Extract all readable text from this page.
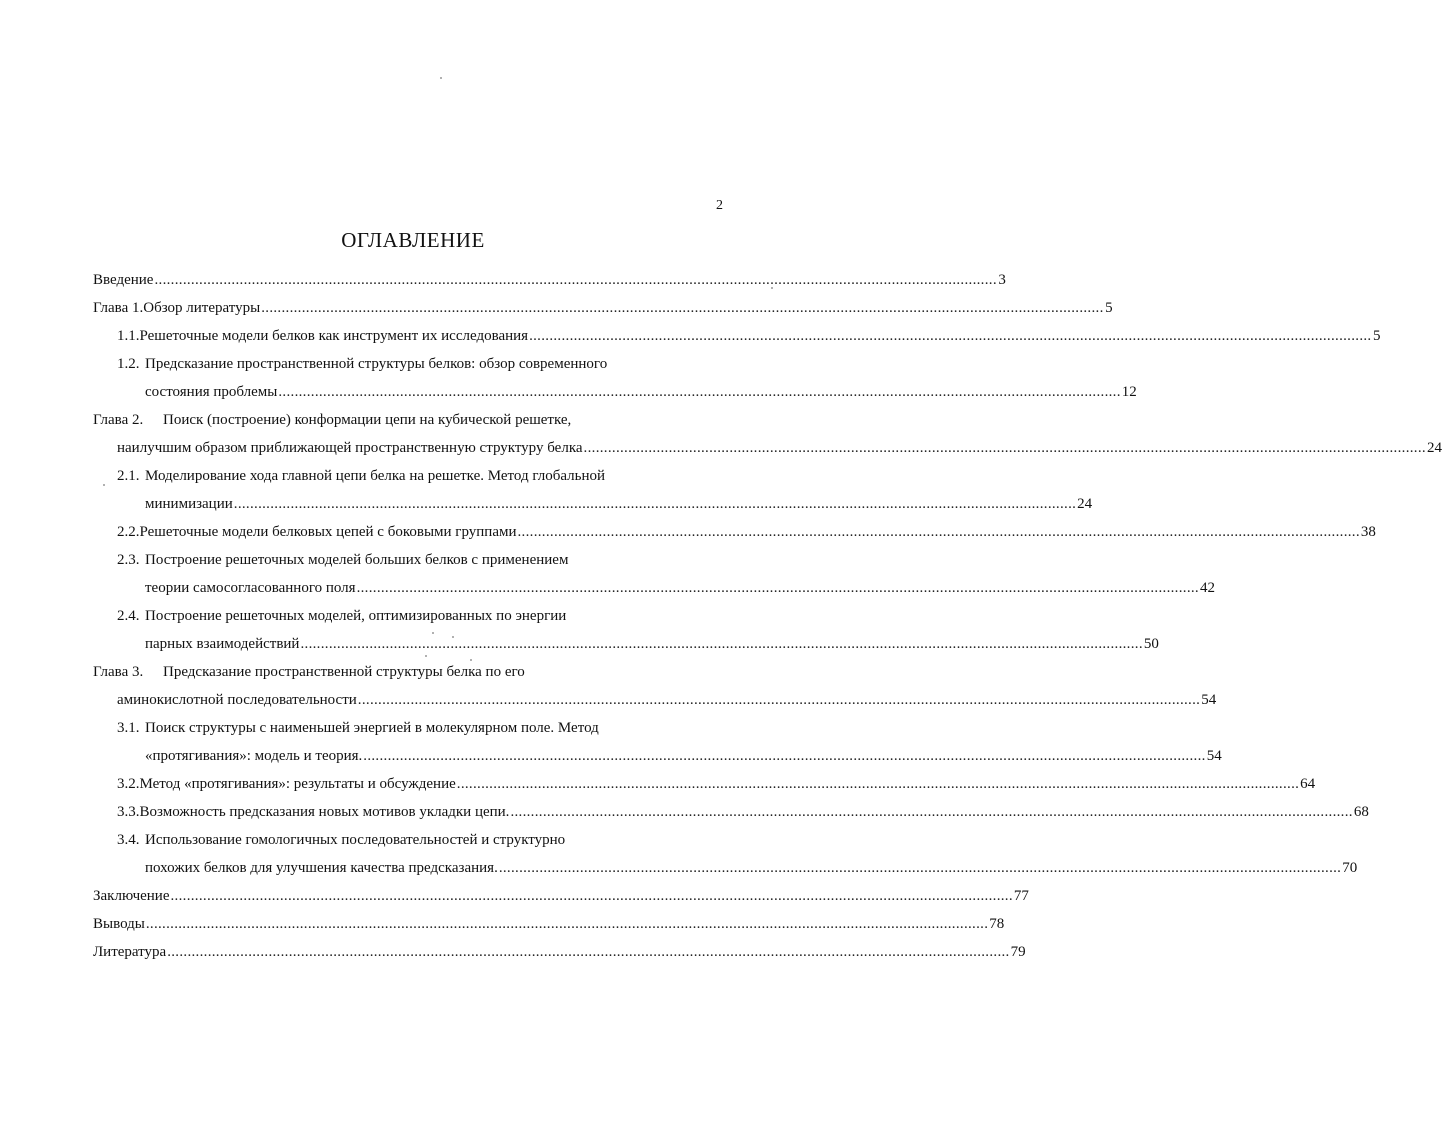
2
ОГЛАВЛЕНИЕ
Введение .....	3
Глава 1. Обзор литературы .....	5
1.1. Решеточные модели белков как инструмент их исследования .....	5
1.2. Предсказание пространственной структуры белков: обзор современного
состояния проблемы .....	12
Глава 2.	Поиск (построение) конформации цепи на кубической решетке,
наилучшим образом приближающей пространственную структуру белка .....	24
2.1. Моделирование хода главной цепи белка на решетке. Метод глобальной
минимизации .....	24
2.2. Решеточные модели белковых цепей с боковыми группами .....	38
2.3. Построение решеточных моделей больших белков с применением
теории самосогласованного поля .....	42
2.4. Построение решеточных моделей, оптимизированных по энергии
парных взаимодействий .....	50
Глава 3.	Предсказание пространственной структуры белка по его
аминокислотной последовательности .....	54
3.1. Поиск структуры с наименьшей энергией в молекулярном поле. Метод
«протягивания»: модель и теория. .....	54
3.2. Метод «протягивания»: результаты и обсуждение .....	64
3.3. Возможность предсказания новых мотивов укладки цепи. .....	68
3.4. Использование гомологичных последовательностей и структурно
похожих белков для улучшения качества предсказания. .....	70
Заключение .....	77
Выводы .....	78
Литература .....	79
